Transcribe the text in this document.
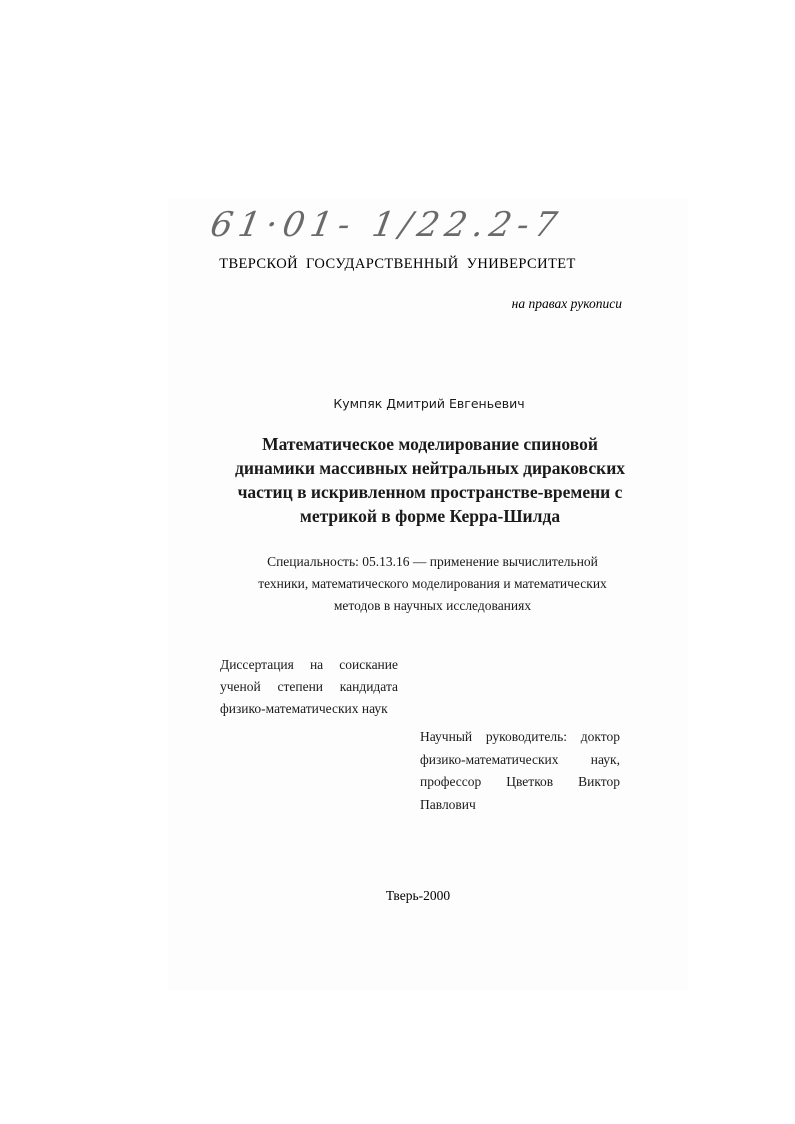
61·01- 1/22.2-7
ТВЕРСКОЙ ГОСУДАРСТВЕННЫЙ УНИВЕРСИТЕТ
на правах рукописи
Кумпяк Дмитрий Евгеньевич
Математическое моделирование спиновой
динамики массивных нейтральных дираковских
частиц в искривленном пространстве-времени с
метрикой в форме Керра-Шилда
Специальность: 05.13.16 — применение вычислительной
техники, математического моделирования и математических
методов в научных исследованиях
Диссертация на соискание
ученой степени кандидата
физико-математических наук
Научный руководитель: доктор
физико-математических наук,
профессор Цветков Виктор
Павлович
Тверь-2000
